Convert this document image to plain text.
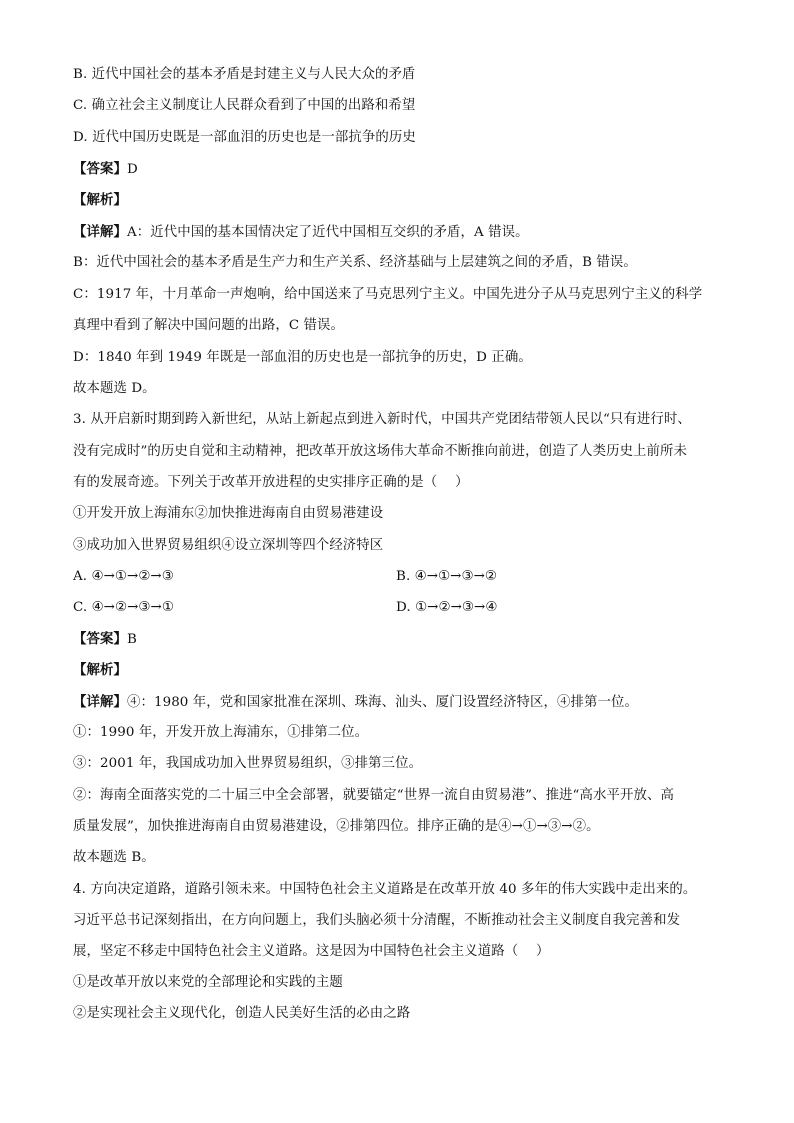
B. 近代中国社会的基本矛盾是封建主义与人民大众的矛盾
C. 确立社会主义制度让人民群众看到了中国的出路和希望
D. 近代中国历史既是一部血泪的历史也是一部抗争的历史
【答案】D
【解析】
【详解】A：近代中国的基本国情决定了近代中国相互交织的矛盾，A 错误。
B：近代中国社会的基本矛盾是生产力和生产关系、经济基础与上层建筑之间的矛盾，B 错误。
C：1917 年，十月革命一声炮响，给中国送来了马克思列宁主义。中国先进分子从马克思列宁主义的科学
真理中看到了解决中国问题的出路，C 错误。
D：1840 年到 1949 年既是一部血泪的历史也是一部抗争的历史，D 正确。
故本题选 D。
3. 从开启新时期到跨入新世纪，从站上新起点到进入新时代，中国共产党团结带领人民以“只有进行时、
没有完成时”的历史自觉和主动精神，把改革开放这场伟大革命不断推向前进，创造了人类历史上前所未
有的发展奇迹。下列关于改革开放进程的史实排序正确的是（　 ）
①开发开放上海浦东②加快推进海南自由贸易港建设
③成功加入世界贸易组织④设立深圳等四个经济特区
A. ④→①→②→③	B. ④→①→③→②
C. ④→②→③→①	D. ①→②→③→④
【答案】B
【解析】
【详解】④：1980 年，党和国家批准在深圳、珠海、汕头、厦门设置经济特区，④排第一位。
①：1990 年，开发开放上海浦东，①排第二位。
③：2001 年，我国成功加入世界贸易组织，③排第三位。
②：海南全面落实党的二十届三中全会部署，就要锚定“世界一流自由贸易港”、推进“高水平开放、高
质量发展”，加快推进海南自由贸易港建设，②排第四位。排序正确的是④→①→③→②。
故本题选 B。
4. 方向决定道路，道路引领未来。中国特色社会主义道路是在改革开放 40 多年的伟大实践中走出来的。
习近平总书记深刻指出，在方向问题上，我们头脑必须十分清醒，不断推动社会主义制度自我完善和发
展，坚定不移走中国特色社会主义道路。这是因为中国特色社会主义道路（　 ）
①是改革开放以来党的全部理论和实践的主题
②是实现社会主义现代化，创造人民美好生活的必由之路
